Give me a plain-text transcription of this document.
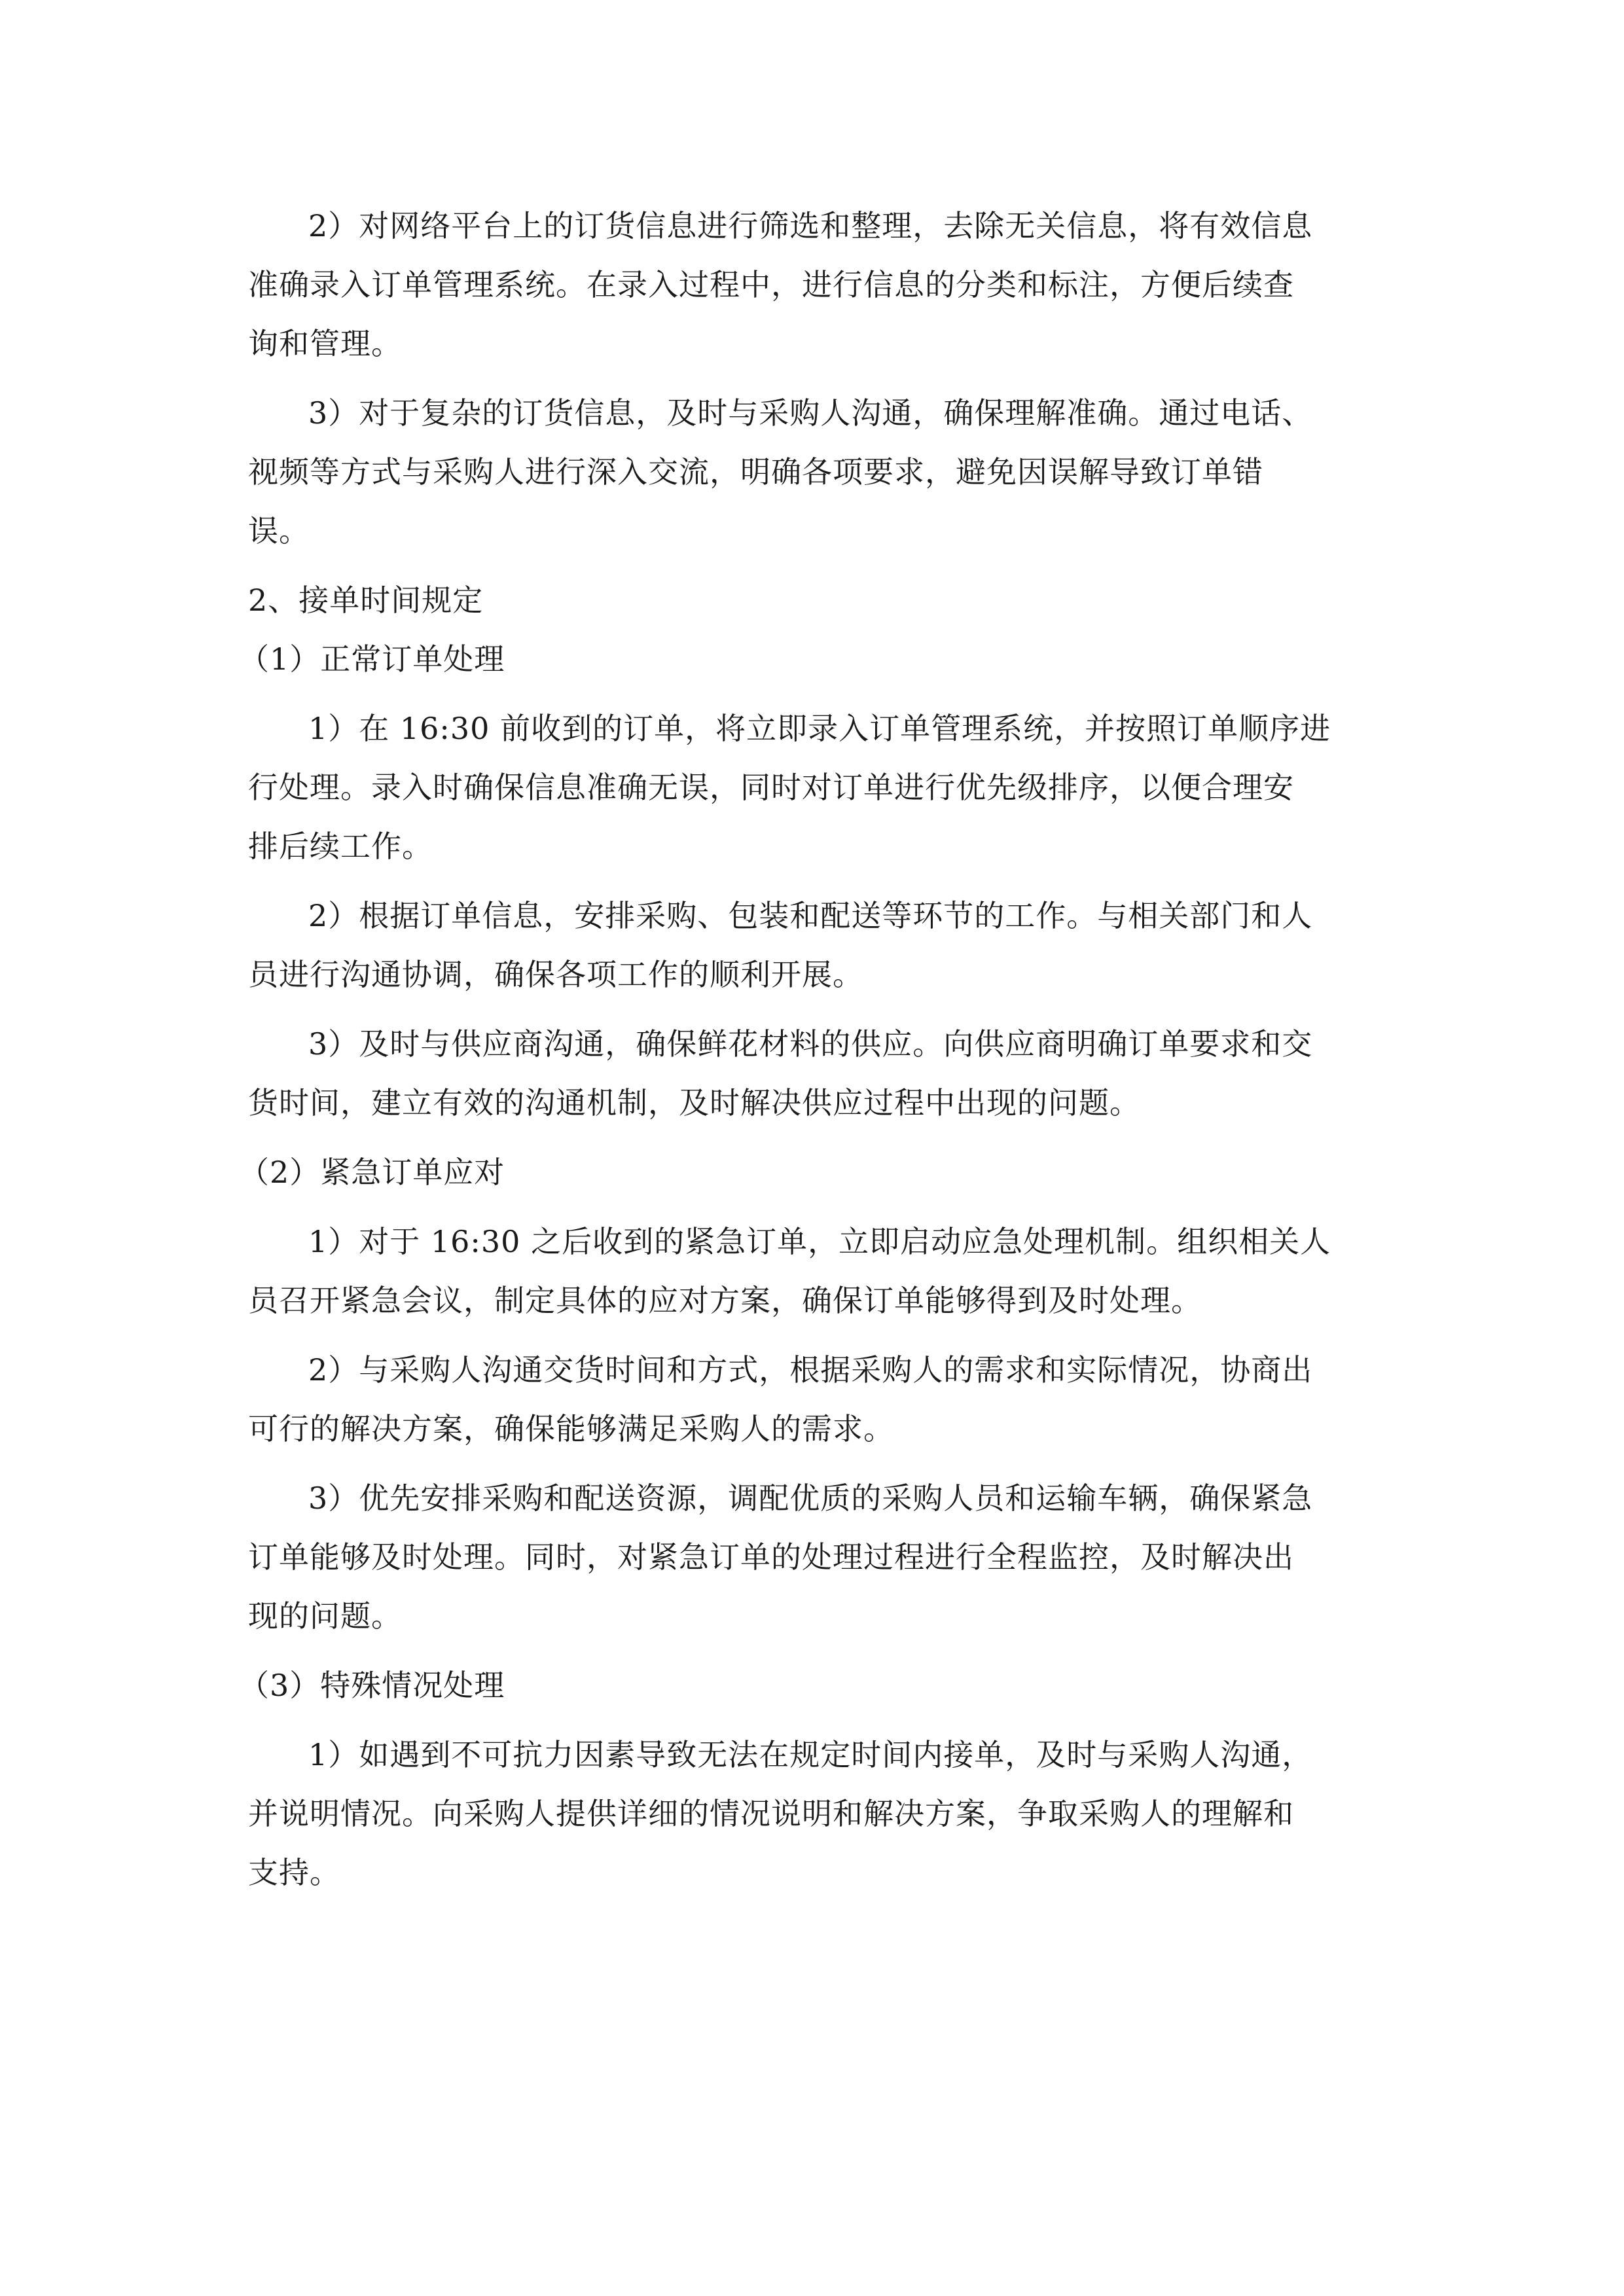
2）对网络平台上的订货信息进行筛选和整理，去除无关信息，将有效信息
准确录入订单管理系统。在录入过程中，进行信息的分类和标注，方便后续查
询和管理。
3）对于复杂的订货信息，及时与采购人沟通，确保理解准确。通过电话、
视频等方式与采购人进行深入交流，明确各项要求，避免因误解导致订单错
误。
2、接单时间规定
（1）正常订单处理
1）在 16:30 前收到的订单，将立即录入订单管理系统，并按照订单顺序进
行处理。录入时确保信息准确无误，同时对订单进行优先级排序，以便合理安
排后续工作。
2）根据订单信息，安排采购、包装和配送等环节的工作。与相关部门和人
员进行沟通协调，确保各项工作的顺利开展。
3）及时与供应商沟通，确保鲜花材料的供应。向供应商明确订单要求和交
货时间，建立有效的沟通机制，及时解决供应过程中出现的问题。
（2）紧急订单应对
1）对于 16:30 之后收到的紧急订单，立即启动应急处理机制。组织相关人
员召开紧急会议，制定具体的应对方案，确保订单能够得到及时处理。
2）与采购人沟通交货时间和方式，根据采购人的需求和实际情况，协商出
可行的解决方案，确保能够满足采购人的需求。
3）优先安排采购和配送资源，调配优质的采购人员和运输车辆，确保紧急
订单能够及时处理。同时，对紧急订单的处理过程进行全程监控，及时解决出
现的问题。
（3）特殊情况处理
1）如遇到不可抗力因素导致无法在规定时间内接单，及时与采购人沟通，
并说明情况。向采购人提供详细的情况说明和解决方案，争取采购人的理解和
支持。
